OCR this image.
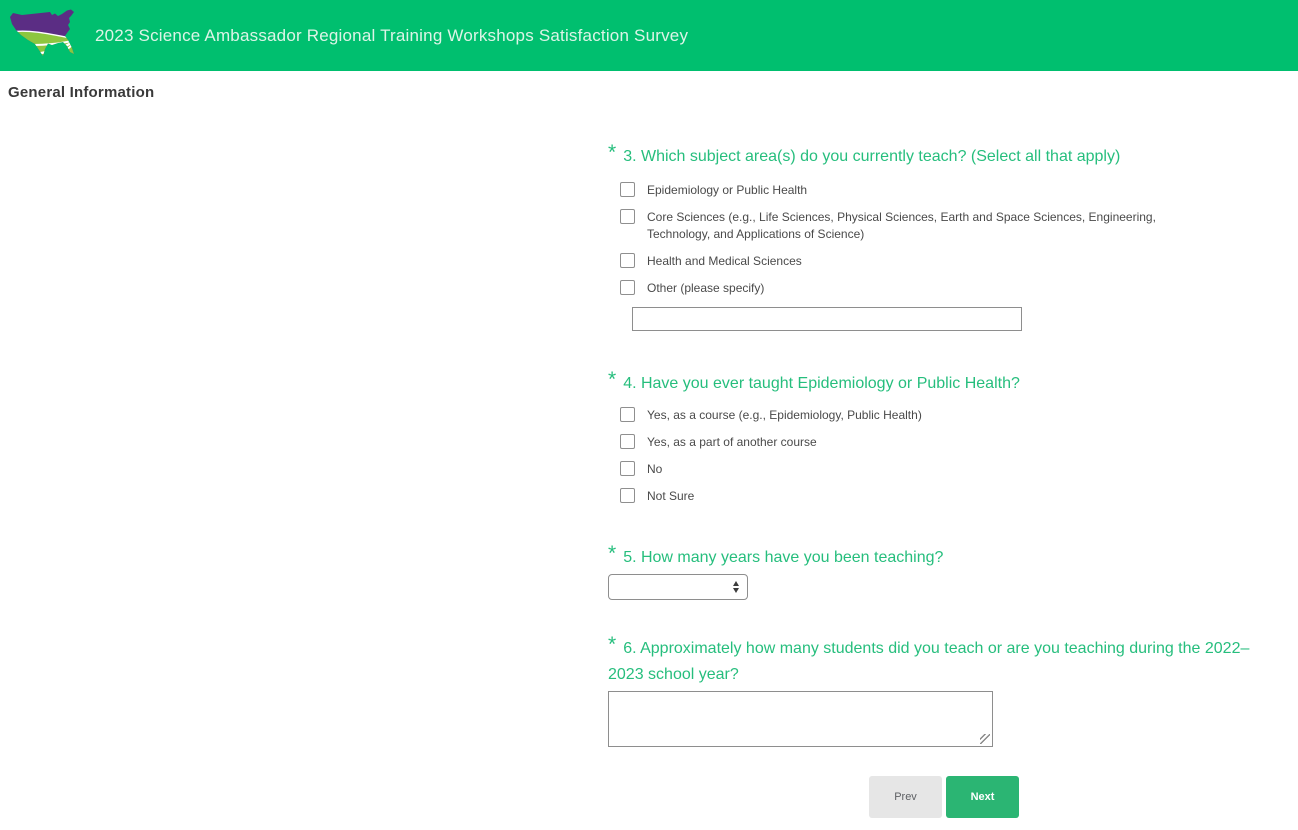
2023 Science Ambassador Regional Training Workshops Satisfaction Survey
General Information
* 3. Which subject area(s) do you currently teach? (Select all that apply)
Epidemiology or Public Health
Core Sciences (e.g., Life Sciences, Physical Sciences, Earth and Space Sciences, Engineering, Technology, and Applications of Science)
Health and Medical Sciences
Other (please specify)
* 4. Have you ever taught Epidemiology or Public Health?
Yes, as a course (e.g., Epidemiology, Public Health)
Yes, as a part of another course
No
Not Sure
* 5. How many years have you been teaching?
* 6. Approximately how many students did you teach or are you teaching during the 2022–2023 school year?
Prev	Next
